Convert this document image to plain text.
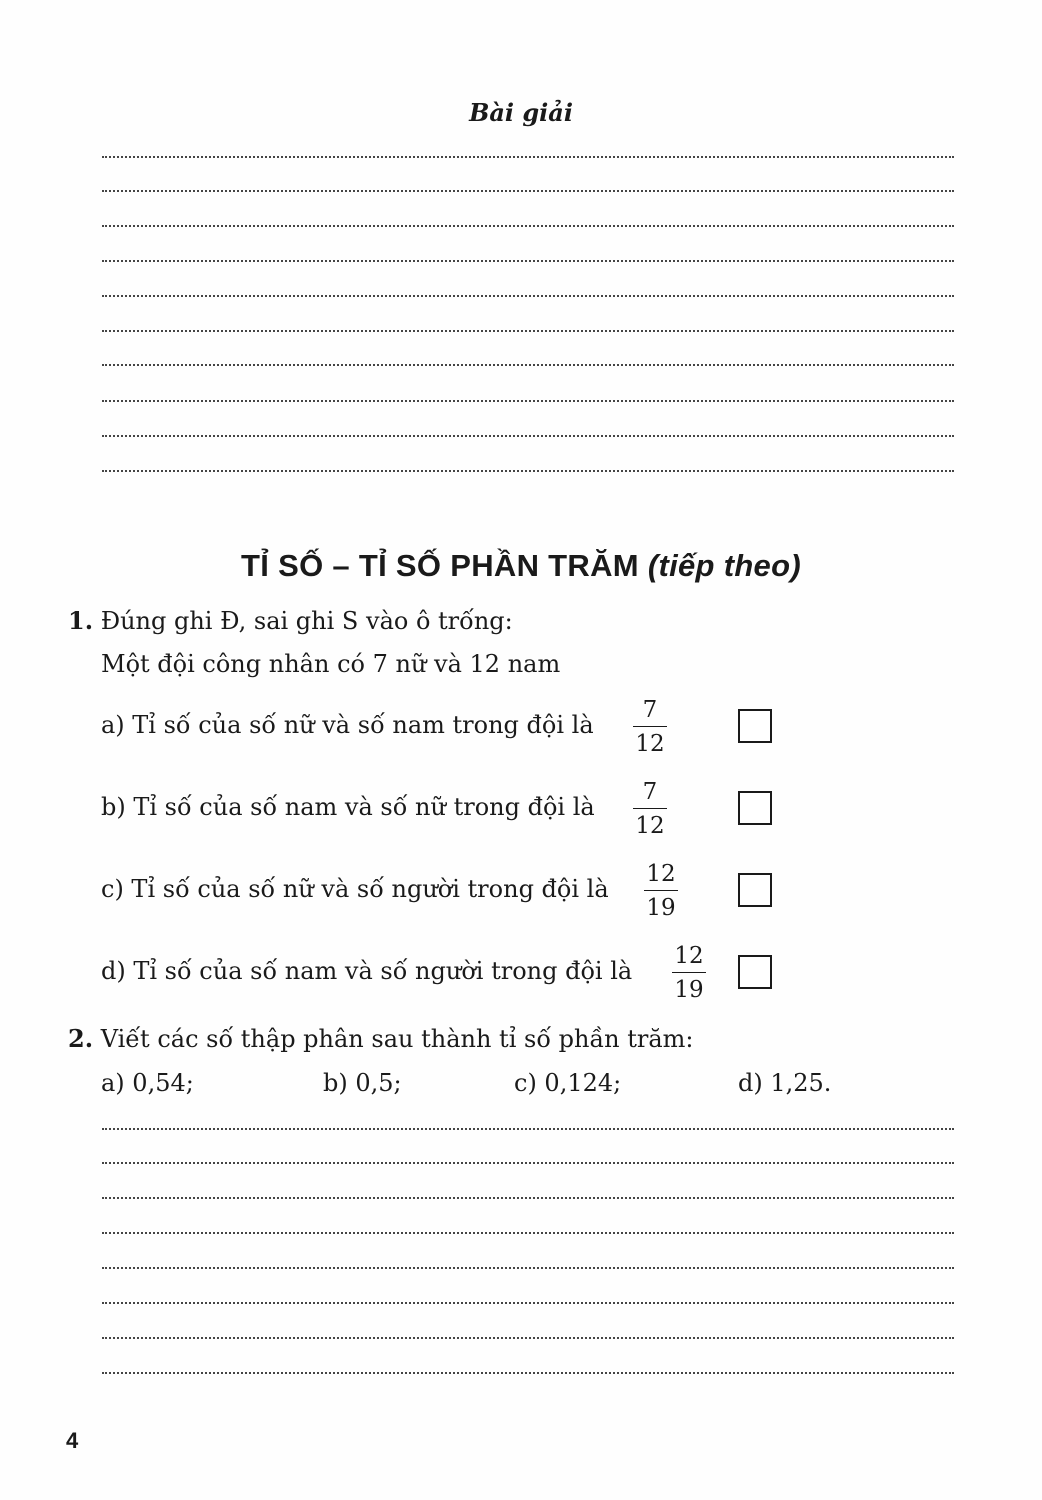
Bài giải
TỈ SỐ – TỈ SỐ PHẦN TRĂM (tiếp theo)
1. Đúng ghi Đ, sai ghi S vào ô trống:
Một đội công nhân có 7 nữ và 12 nam
a) Tỉ số của số nữ và số nam trong đội là $\frac{7}{12}$
b) Tỉ số của số nam và số nữ trong đội là $\frac{7}{12}$
c) Tỉ số của số nữ và số người trong đội là $\frac{12}{19}$
d) Tỉ số của số nam và số người trong đội là $\frac{12}{19}$
2. Viết các số thập phân sau thành tỉ số phần trăm:
a) 0,54;	b) 0,5;	c) 0,124;	d) 1,25.
4
